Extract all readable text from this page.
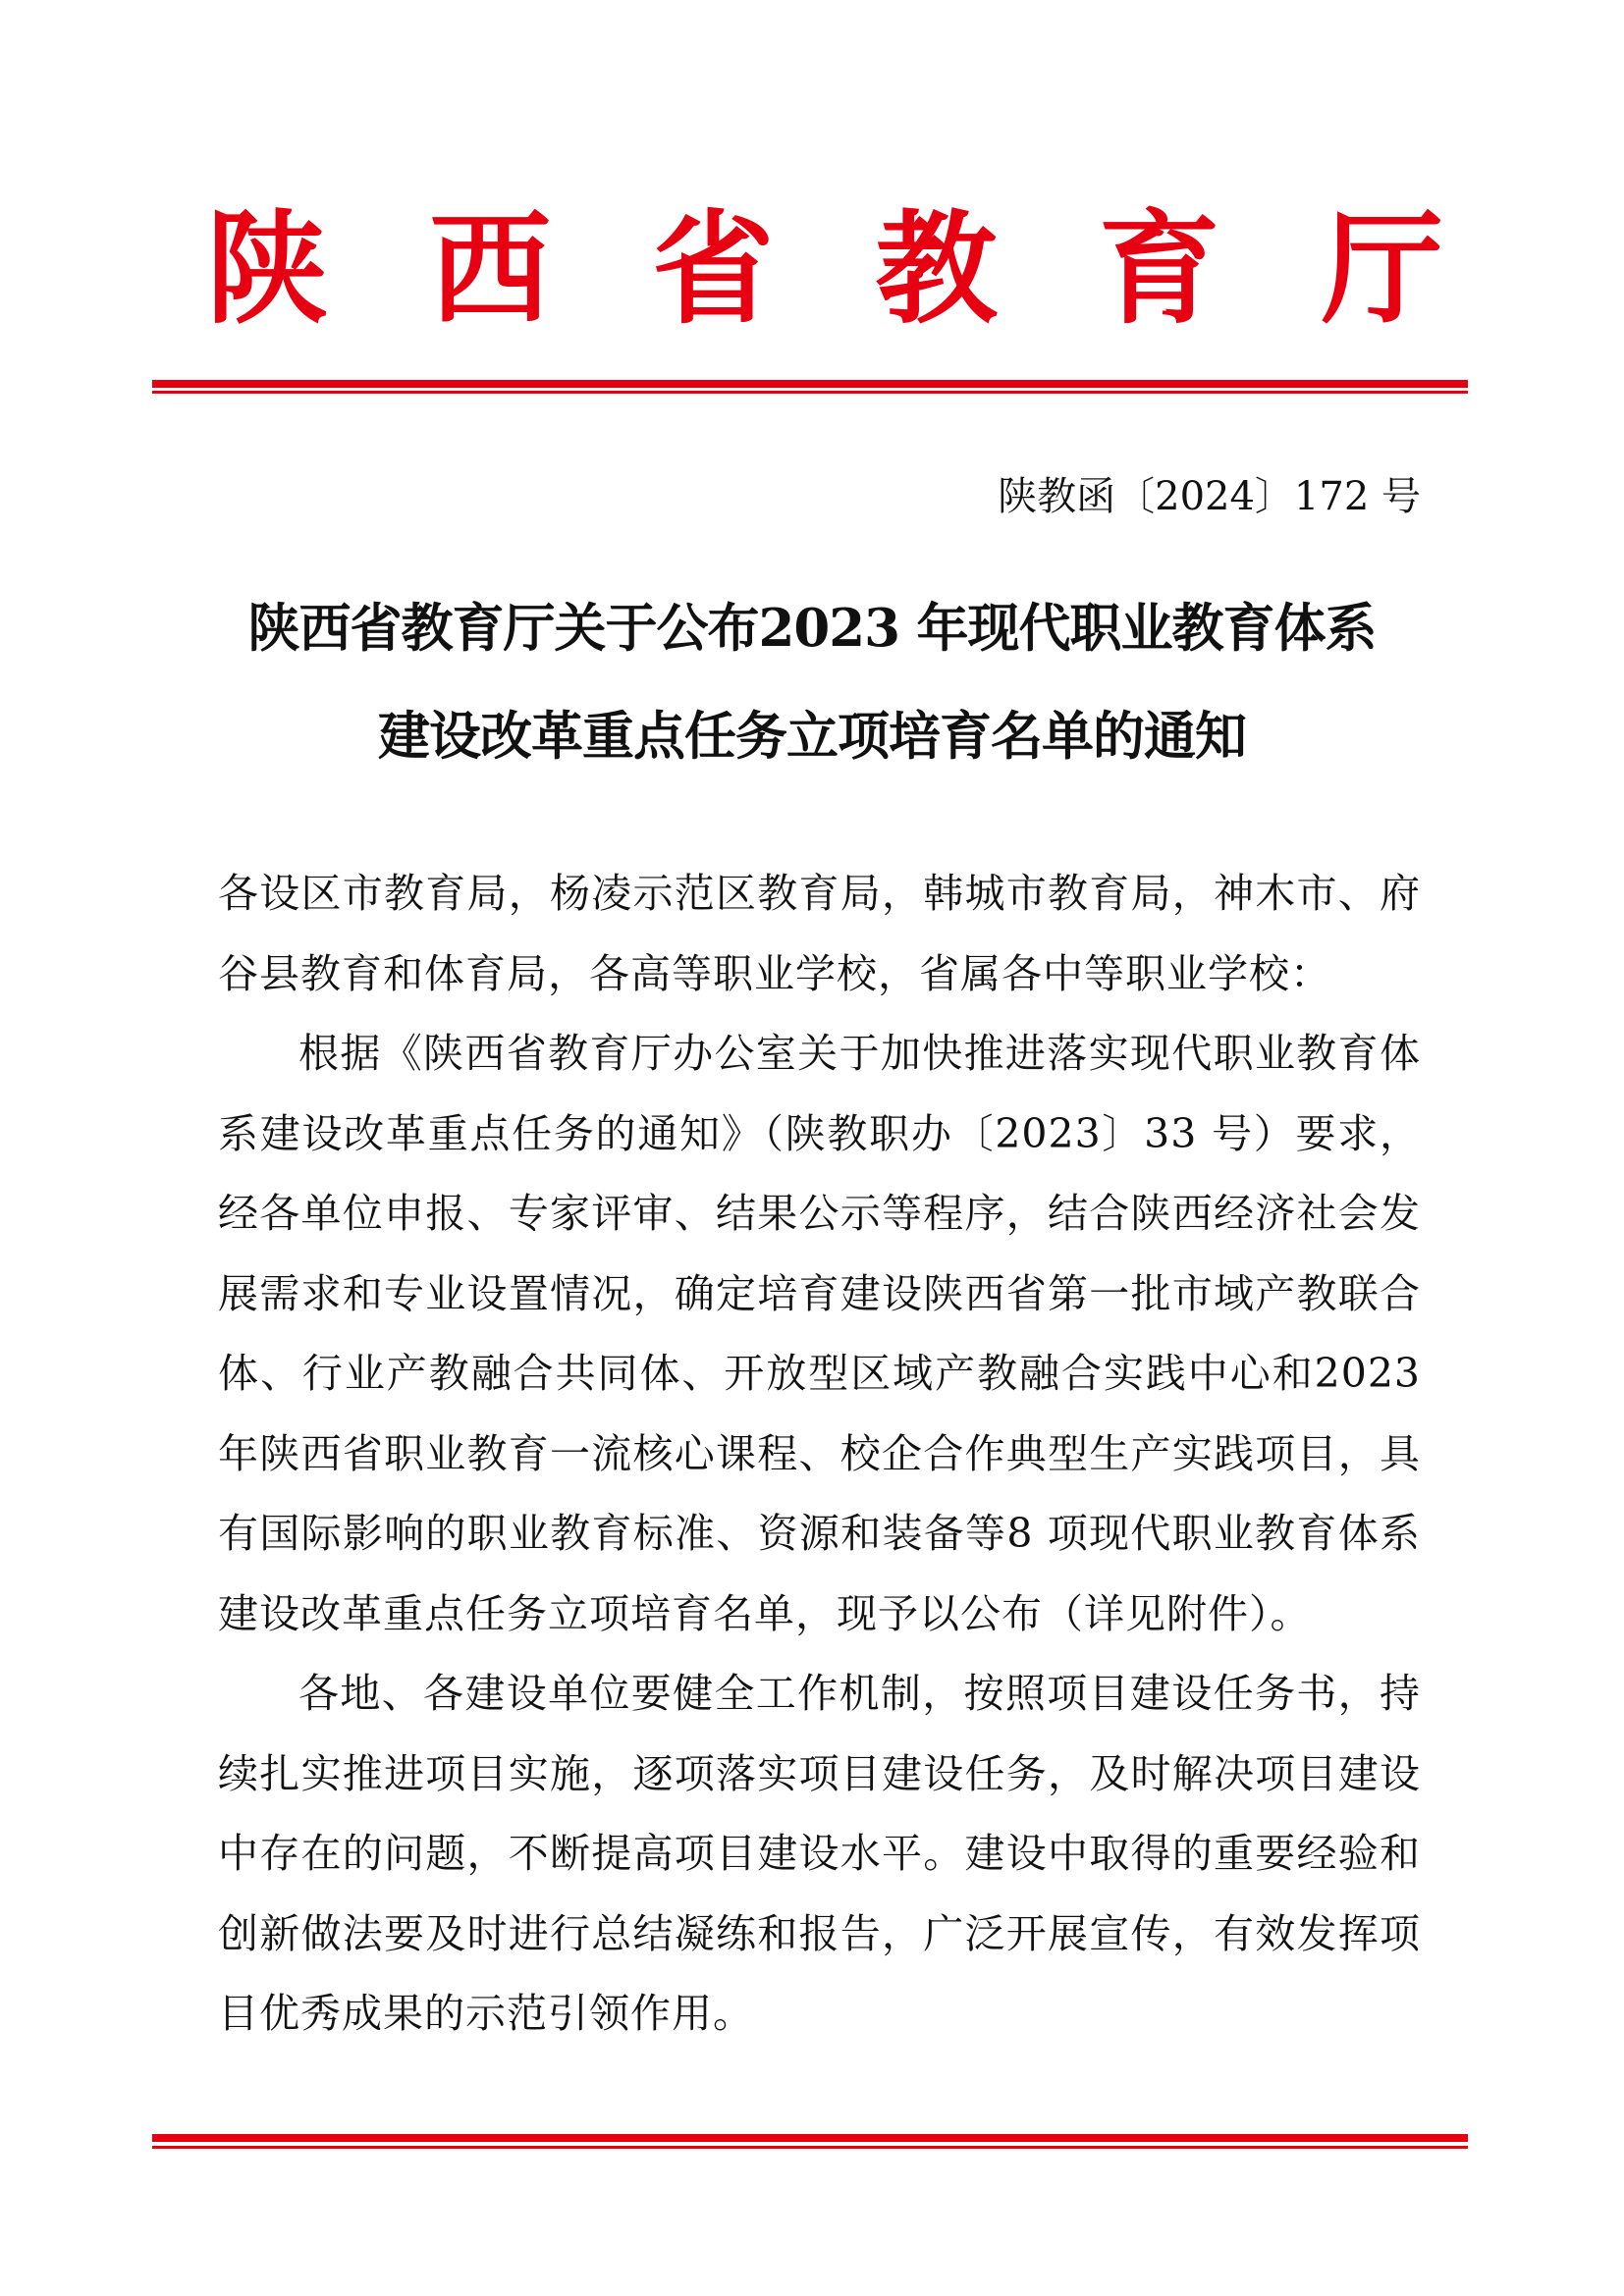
陕 西 省 教 育 厅
陕教函〔2024〕172 号
陕西省教育厅关于公布2023 年现代职业教育体系
建设改革重点任务立项培育名单的通知

各设区市教育局，杨凌示范区教育局，韩城市教育局，神木市、府谷县教育和体育局，各高等职业学校，省属各中等职业学校：

根据《陕西省教育厅办公室关于加快推进落实现代职业教育体系建设改革重点任务的通知》（陕教职办〔2023〕33 号）要求，经各单位申报、专家评审、结果公示等程序，结合陕西经济社会发展需求和专业设置情况，确定培育建设陕西省第一批市域产教联合体、行业产教融合共同体、开放型区域产教融合实践中心和2023 年陕西省职业教育一流核心课程、校企合作典型生产实践项目，具有国际影响的职业教育标准、资源和装备等8 项现代职业教育体系建设改革重点任务立项培育名单，现予以公布（详见附件）。

各地、各建设单位要健全工作机制，按照项目建设任务书，持续扎实推进项目实施，逐项落实项目建设任务，及时解决项目建设中存在的问题，不断提高项目建设水平。建设中取得的重要经验和创新做法要及时进行总结凝练和报告，广泛开展宣传，有效发挥项目优秀成果的示范引领作用。
